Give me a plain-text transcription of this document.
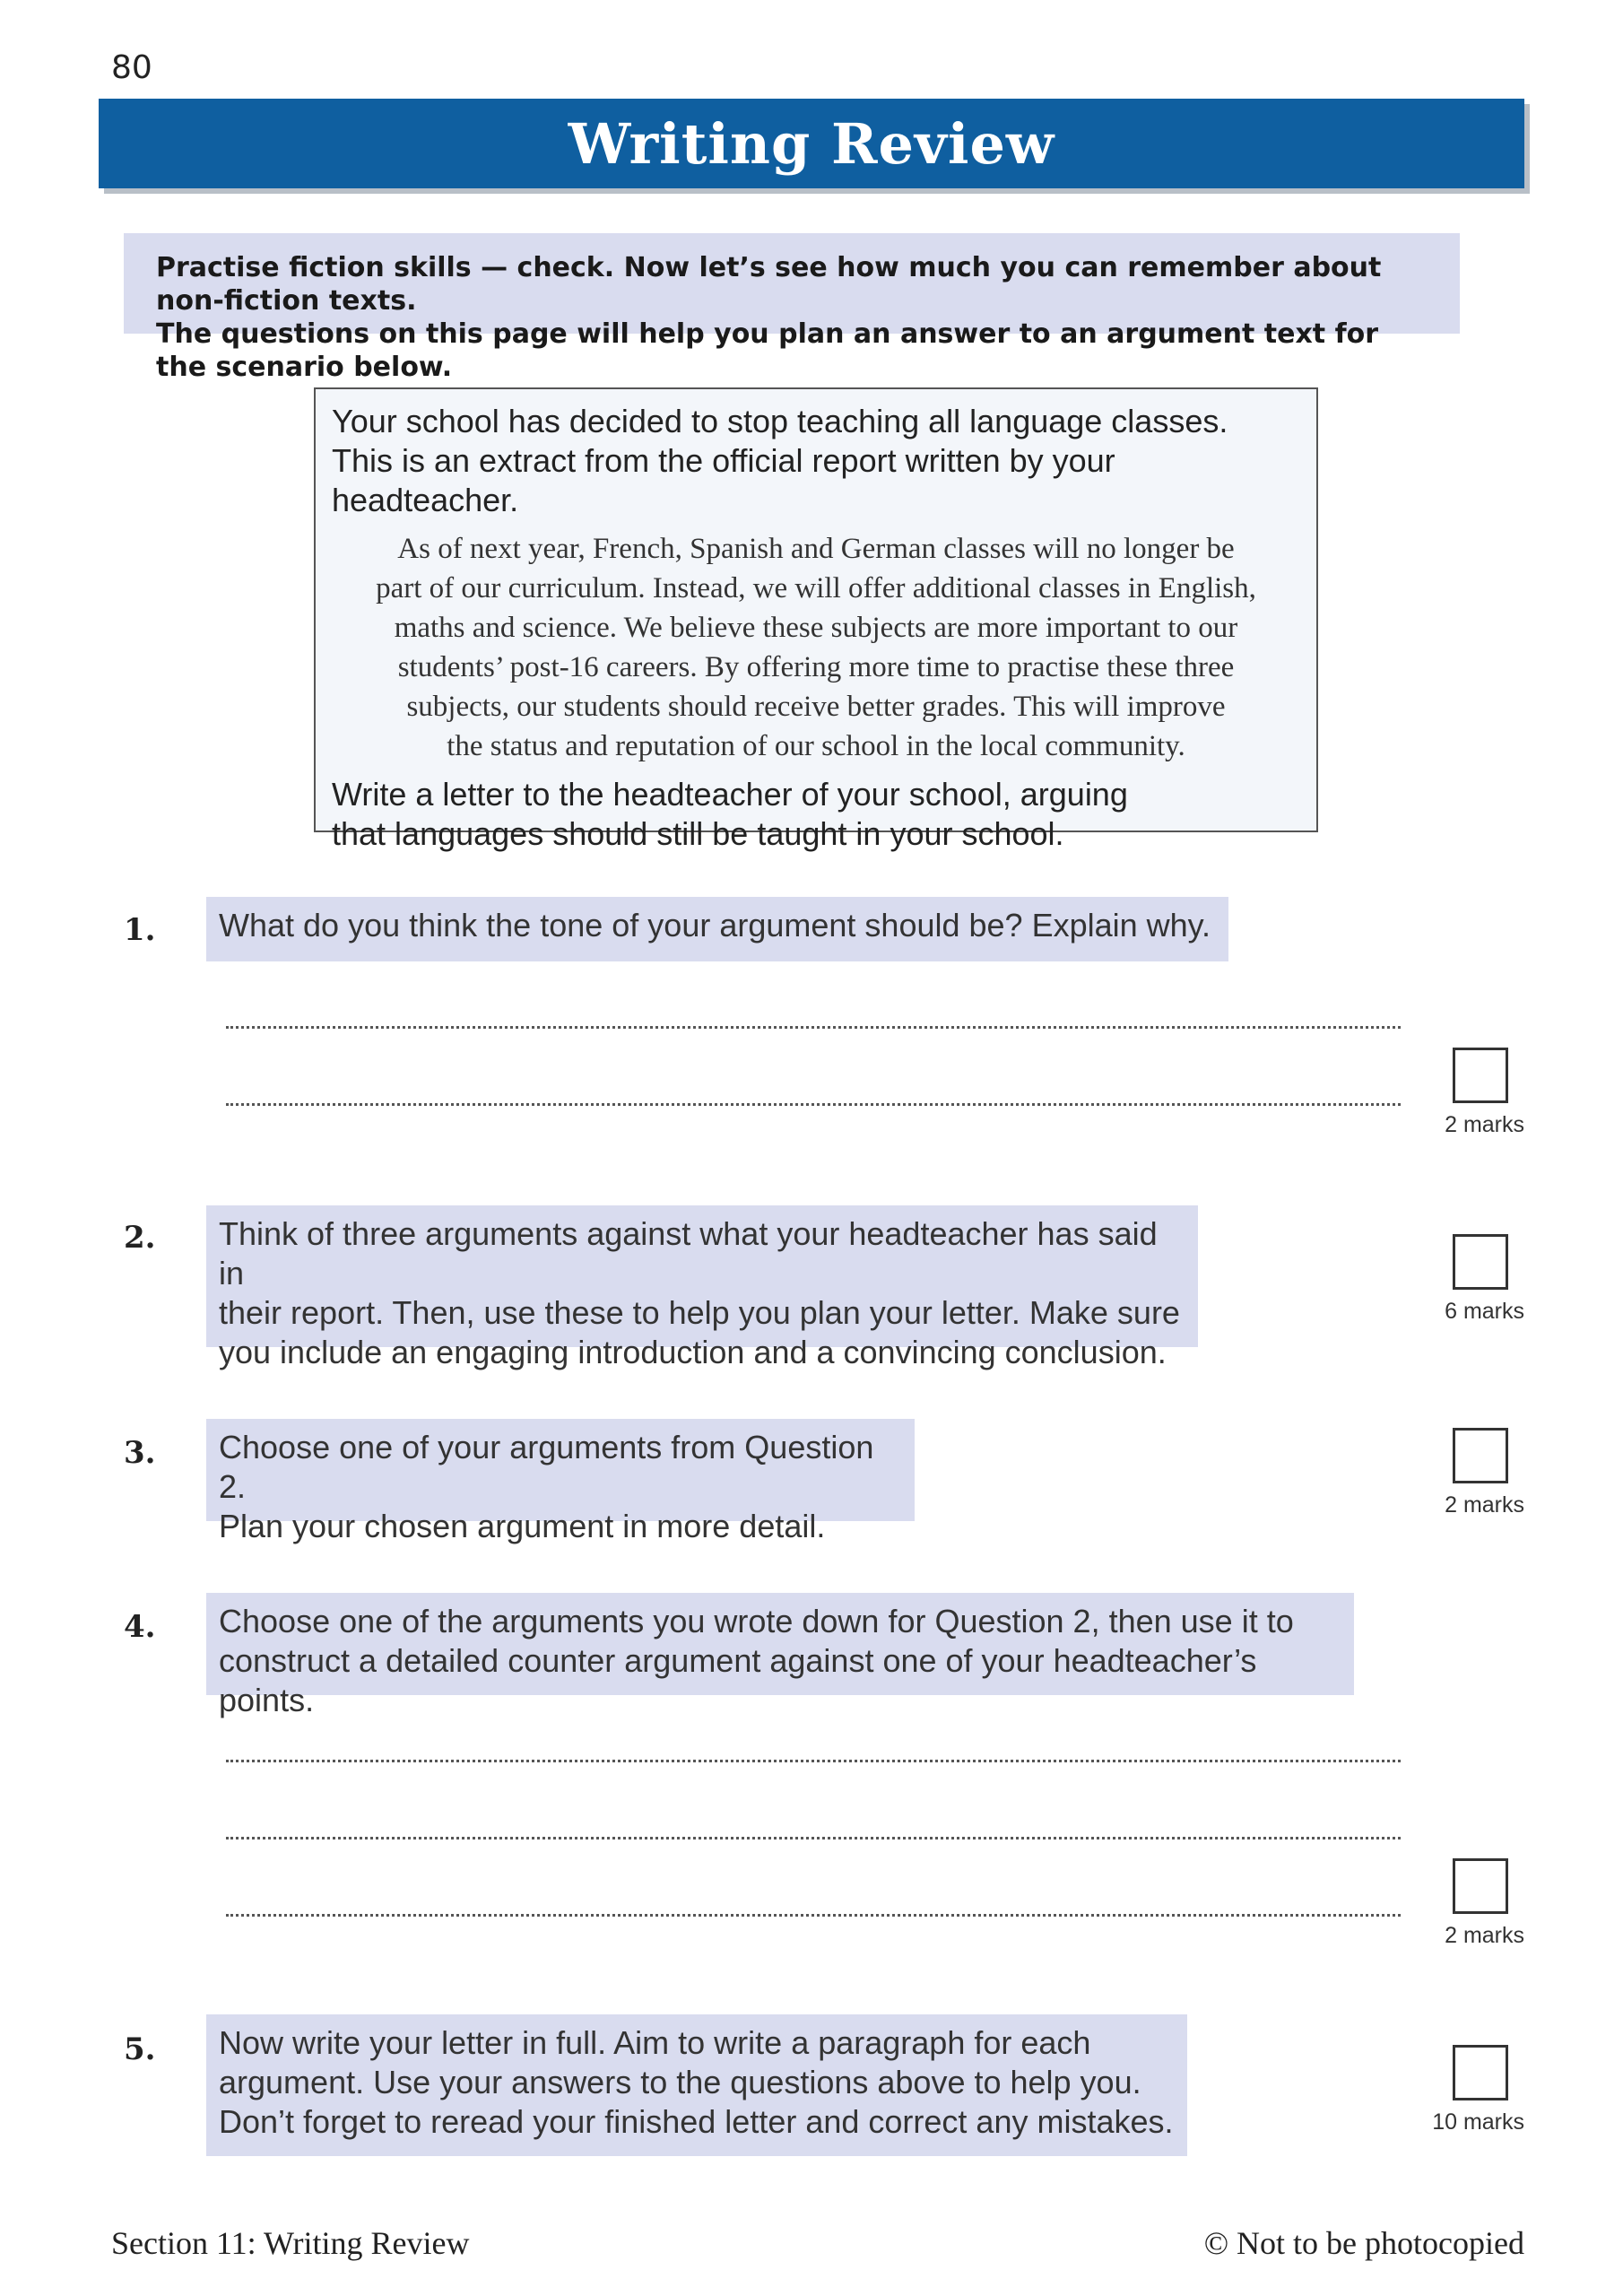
80
Writing Review
Practise fiction skills — check. Now let’s see how much you can remember about non-fiction texts.
The questions on this page will help you plan an answer to an argument text for the scenario below.
Your school has decided to stop teaching all language classes.
This is an extract from the official report written by your headteacher.
As of next year, French, Spanish and German classes will no longer be
part of our curriculum. Instead, we will offer additional classes in English,
maths and science. We believe these subjects are more important to our
students’ post-16 careers. By offering more time to practise these three
subjects, our students should receive better grades. This will improve
the status and reputation of our school in the local community.
Write a letter to the headteacher of your school, arguing
that languages should still be taught in your school.
1. What do you think the tone of your argument should be? Explain why.
2 marks
2. Think of three arguments against what your headteacher has said in
their report. Then, use these to help you plan your letter. Make sure
you include an engaging introduction and a convincing conclusion.
6 marks
3. Choose one of your arguments from Question 2.
Plan your chosen argument in more detail.
2 marks
4. Choose one of the arguments you wrote down for Question 2, then use it to
construct a detailed counter argument against one of your headteacher’s points.
2 marks
5. Now write your letter in full. Aim to write a paragraph for each
argument. Use your answers to the questions above to help you.
Don’t forget to reread your finished letter and correct any mistakes.	10 marks
Section 11: Writing Review	© Not to be photocopied
